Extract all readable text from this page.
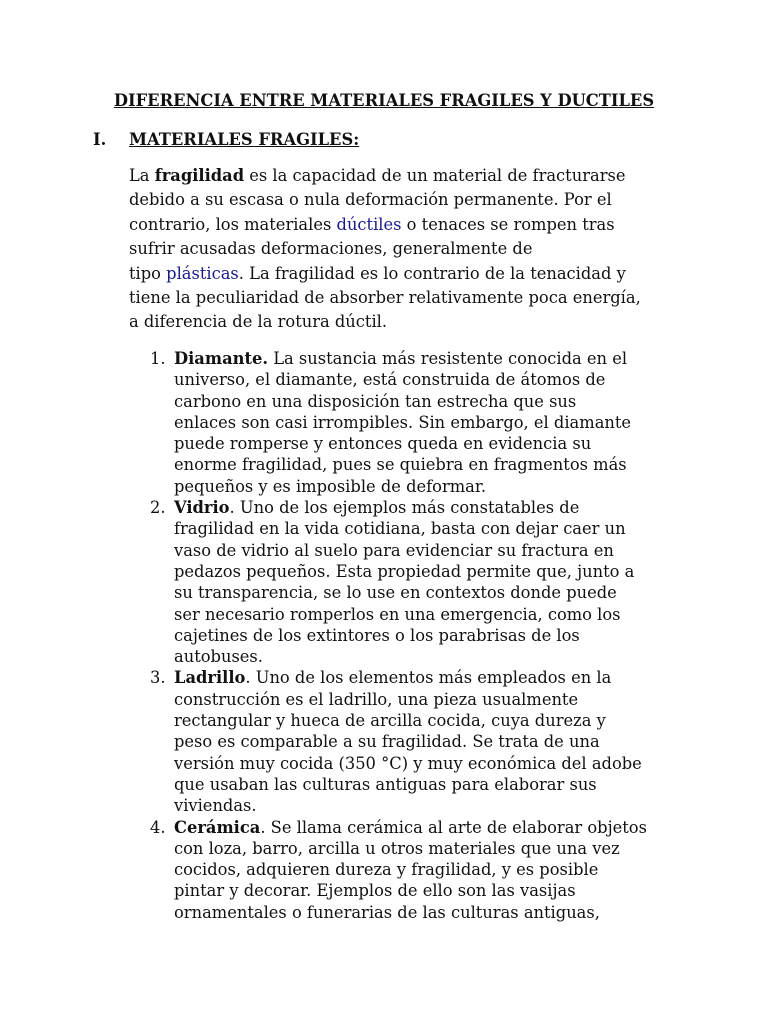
DIFERENCIA ENTRE MATERIALES FRAGILES Y DUCTILES
I. MATERIALES FRAGILES:

La fragilidad es la capacidad de un material de fracturarse

debido a su escasa o nula deformación permanente. Por el

contrario, los materiales dúctiles o tenaces se rompen tras

sufrir acusadas deformaciones, generalmente de

tipo plásticas. La fragilidad es lo contrario de la tenacidad y

tiene la peculiaridad de absorber relativamente poca energía,

a diferencia de la rotura dúctil.

1. Diamante. La sustancia más resistente conocida en el
universo, el diamante, está construida de átomos de
carbono en una disposición tan estrecha que sus
enlaces son casi irrompibles. Sin embargo, el diamante
puede romperse y entonces queda en evidencia su
enorme fragilidad, pues se quiebra en fragmentos más
pequeños y es imposible de deformar.
2. Vidrio. Uno de los ejemplos más constatables de
fragilidad en la vida cotidiana, basta con dejar caer un
vaso de vidrio al suelo para evidenciar su fractura en
pedazos pequeños. Esta propiedad permite que, junto a
su transparencia, se lo use en contextos donde puede
ser necesario romperlos en una emergencia, como los
cajetines de los extintores o los parabrisas de los
autobuses.
3. Ladrillo. Uno de los elementos más empleados en la
construcción es el ladrillo, una pieza usualmente
rectangular y hueca de arcilla cocida, cuya dureza y
peso es comparable a su fragilidad. Se trata de una
versión muy cocida (350 °C) y muy económica del adobe
que usaban las culturas antiguas para elaborar sus
viviendas.
4. Cerámica. Se llama cerámica al arte de elaborar objetos
con loza, barro, arcilla u otros materiales que una vez
cocidos, adquieren dureza y fragilidad, y es posible
pintar y decorar. Ejemplos de ello son las vasijas
ornamentales o funerarias de las culturas antiguas,
